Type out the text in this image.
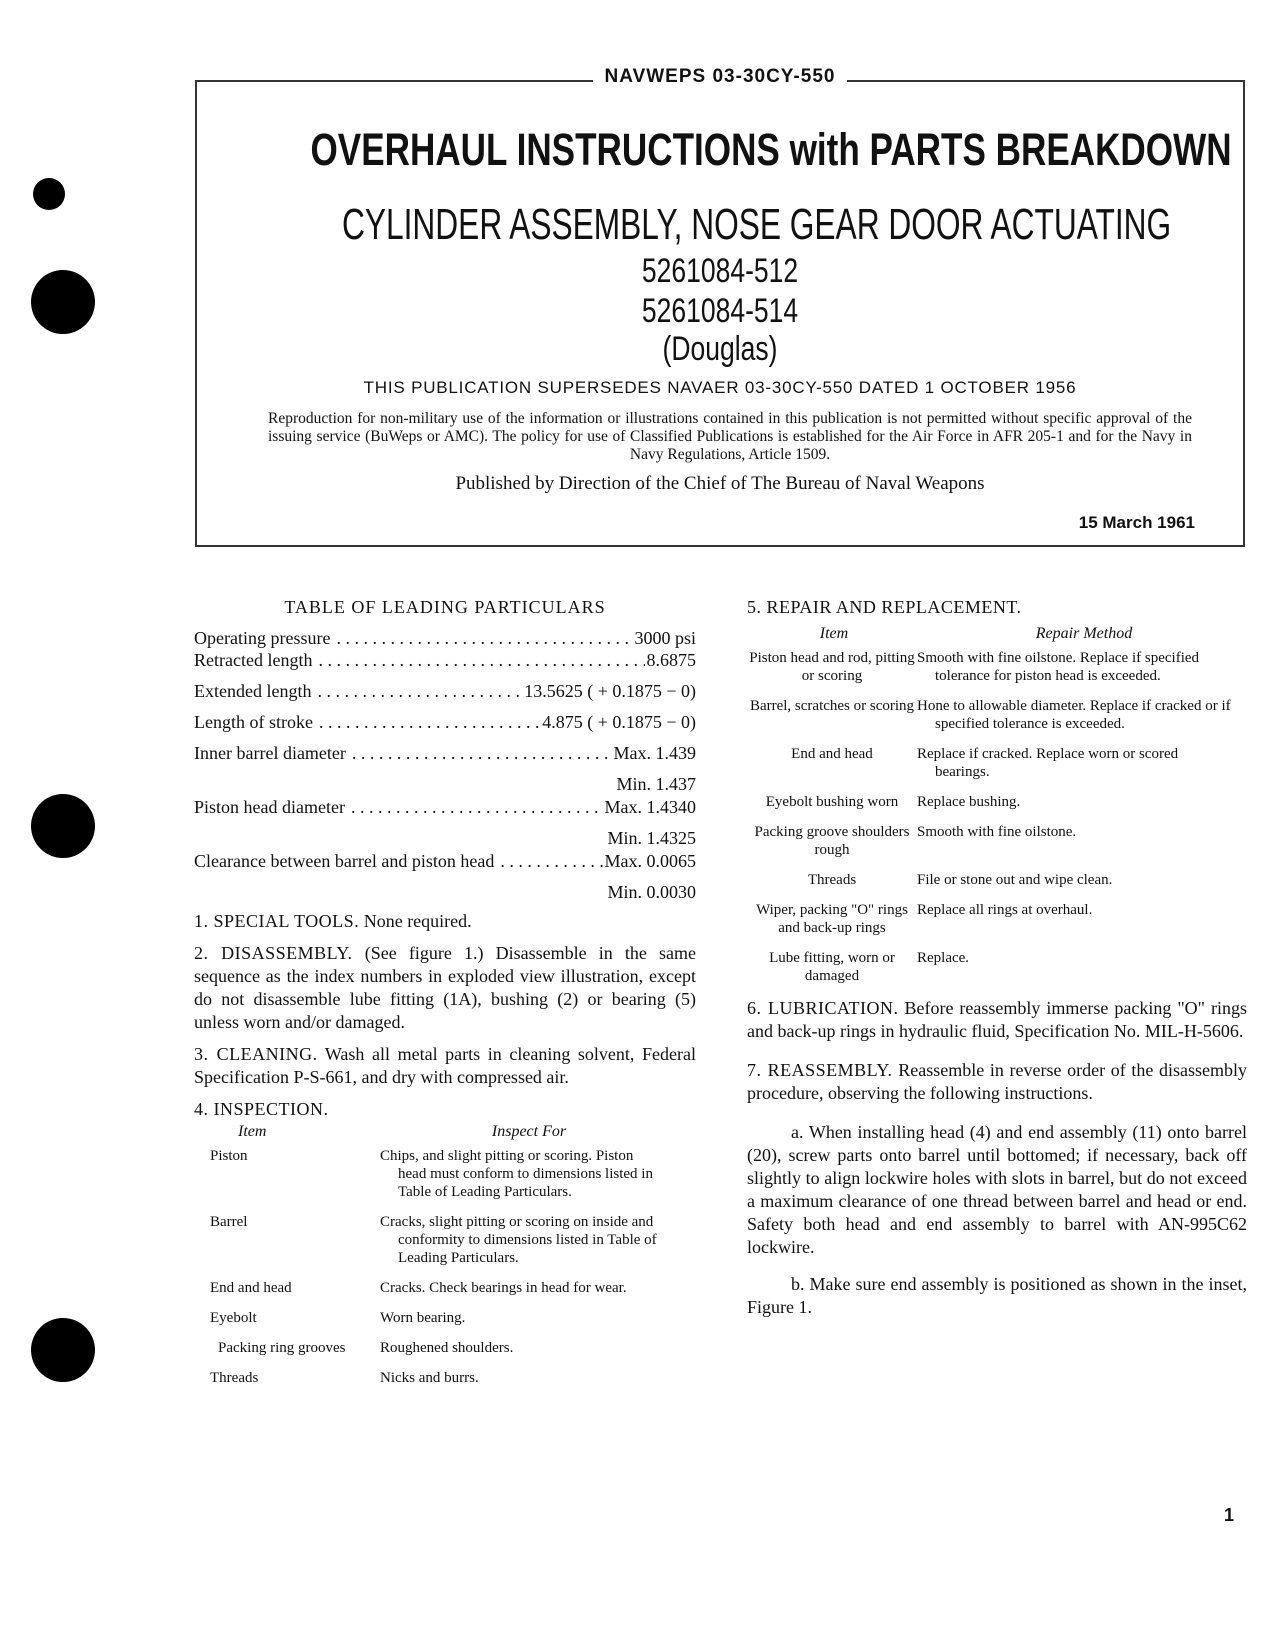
NAVWEPS 03-30CY-550
OVERHAUL INSTRUCTIONS with PARTS BREAKDOWN
CYLINDER ASSEMBLY, NOSE GEAR DOOR ACTUATING
5261084-512
5261084-514
(Douglas)
THIS PUBLICATION SUPERSEDES NAVAER 03-30CY-550 DATED 1 OCTOBER 1956

Reproduction for non-military use of the information or illustrations contained in this publication is not permitted without specific approval of the issuing service (BuWeps or AMC). The policy for use of Classified Publications is established for the Air Force in AFR 205-1 and for the Navy in Navy Regulations, Article 1509.

Published by Direction of the Chief of The Bureau of Naval Weapons
15 March 1961
TABLE OF LEADING PARTICULARS
Operating pressure . . .	3000 psi
Retracted length . . .	8.6875
Extended length . . .	13.5625 ( + 0.1875 − 0)
Length of stroke . . .	4.875 ( + 0.1875 − 0)
Inner barrel diameter . . .	Max. 1.439
Min. 1.437
Piston head diameter . . .	Max. 1.4340
Min. 1.4325
Clearance between barrel and piston head . . .	Max. 0.0065
Min. 0.0030

1. SPECIAL TOOLS. None required.

2. DISASSEMBLY. (See figure 1.) Disassemble in the same sequence as the index numbers in exploded view illustration, except do not disassemble lube fitting (1A), bushing (2) or bearing (5) unless worn and/or damaged.

3. CLEANING. Wash all metal parts in cleaning solvent, Federal Specification P-S-661, and dry with compressed air.

4. INSPECTION.

Item	Inspect For
Piston	Chips, and slight pitting or scoring. Piston head must conform to dimensions listed in Table of Leading Particulars.
Barrel	Cracks, slight pitting or scoring on inside and conformity to dimensions listed in Table of Leading Particulars.
End and head	Cracks. Check bearings in head for wear.
Eyebolt	Worn bearing.
Packing ring grooves	Roughened shoulders.
Threads	Nicks and burrs.

5. REPAIR AND REPLACEMENT.

Item	Repair Method
Piston head and rod, pitting or scoring	Smooth with fine oilstone. Replace if specified tolerance for piston head is exceeded.
Barrel, scratches or scoring	Hone to allowable diameter. Replace if cracked or if specified tolerance is exceeded.
End and head	Replace if cracked. Replace worn or scored bearings.
Eyebolt bushing worn	Replace bushing.
Packing groove shoulders rough	Smooth with fine oilstone.
Threads	File or stone out and wipe clean.
Wiper, packing "O" rings and back-up rings	Replace all rings at overhaul.
Lube fitting, worn or damaged	Replace.

6. LUBRICATION. Before reassembly immerse packing "O" rings and back-up rings in hydraulic fluid, Specification No. MIL-H-5606.

7. REASSEMBLY. Reassemble in reverse order of the disassembly procedure, observing the following instructions.

a. When installing head (4) and end assembly (11) onto barrel (20), screw parts onto barrel until bottomed; if necessary, back off slightly to align lockwire holes with slots in barrel, but do not exceed a maximum clearance of one thread between barrel and head or end. Safety both head and end assembly to barrel with AN-995C62 lockwire.

b. Make sure end assembly is positioned as shown in the inset, Figure 1.

1
